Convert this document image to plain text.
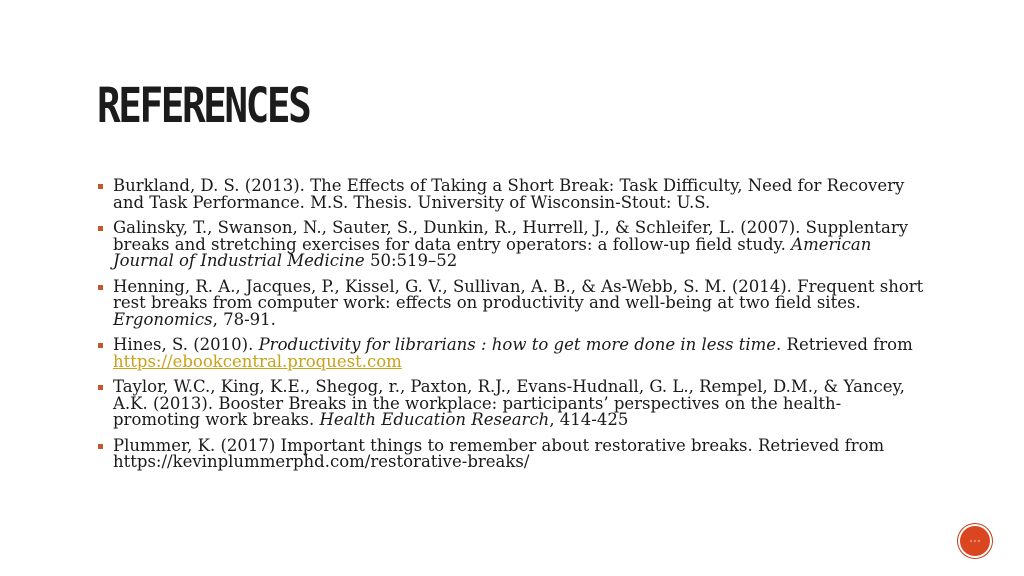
REFERENCES
Burkland, D. S. (2013). The Effects of Taking a Short Break: Task Difficulty, Need for Recovery and Task Performance. M.S. Thesis. University of Wisconsin-Stout: U.S.
Galinsky, T., Swanson, N., Sauter, S., Dunkin, R., Hurrell, J., & Schleifer, L. (2007). Supplentary breaks and stretching exercises for data entry operators: a follow-up field study. American Journal of Industrial Medicine 50:519–52
Henning, R. A., Jacques, P., Kissel, G. V., Sullivan, A. B., & As-Webb, S. M. (2014). Frequent short rest breaks from computer work: effects on productivity and well-being at two field sites. Ergonomics, 78-91.
Hines, S. (2010). Productivity for librarians : how to get more done in less time. Retrieved from https://ebookcentral.proquest.com
Taylor, W.C., King, K.E., Shegog, r., Paxton, R.J., Evans-Hudnall, G. L., Rempel, D.M., & Yancey, A.K. (2013). Booster Breaks in the workplace: participants’ perspectives on the health-promoting work breaks. Health Education Research, 414-425
Plummer, K. (2017) Important things to remember about restorative breaks. Retrieved from https://kevinplummerphd.com/restorative-breaks/
